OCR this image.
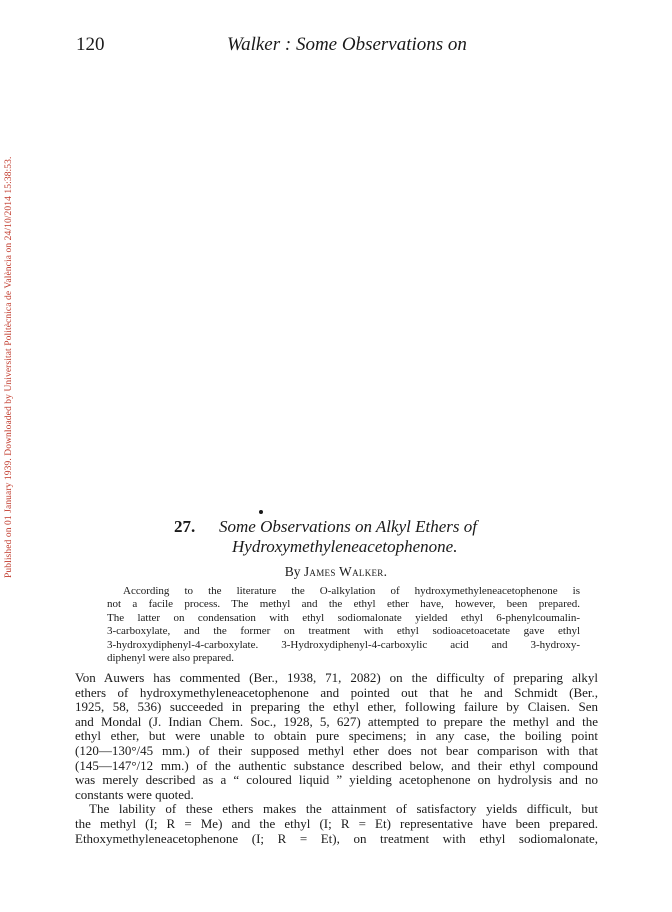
Published on 01 January 1939. Downloaded by Universitat Politècnica de València on 24/10/2014 15:38:53.
120	Walker : Some Observations on
27. Some Observations on Alkyl Ethers of
Hydroxymethyleneacetophenone.
By James Walker.
According to the literature the O-alkylation of hydroxymethyleneacetophenone is
not a facile process. The methyl and the ethyl ether have, however, been prepared.
The latter on condensation with ethyl sodiomalonate yielded ethyl 6-phenylcoumalin-
3-carboxylate, and the former on treatment with ethyl sodioacetoacetate gave ethyl
3-hydroxydiphenyl-4-carboxylate. 3-Hydroxydiphenyl-4-carboxylic acid and 3-hydroxy-
diphenyl were also prepared.
Von Auwers has commented (Ber., 1938, 71, 2082) on the difficulty of preparing alkyl
ethers of hydroxymethyleneacetophenone and pointed out that he and Schmidt (Ber.,
1925, 58, 536) succeeded in preparing the ethyl ether, following failure by Claisen. Sen
and Mondal (J. Indian Chem. Soc., 1928, 5, 627) attempted to prepare the methyl and the
ethyl ether, but were unable to obtain pure specimens; in any case, the boiling point
(120—130°/45 mm.) of their supposed methyl ether does not bear comparison with that
(145—147°/12 mm.) of the authentic substance described below, and their ethyl compound
was merely described as a “ coloured liquid ” yielding acetophenone on hydrolysis and no
constants were quoted.
The lability of these ethers makes the attainment of satisfactory yields difficult, but
the methyl (I; R = Me) and the ethyl (I; R = Et) representative have been prepared.
Ethoxymethyleneacetophenone (I; R = Et), on treatment with ethyl sodiomalonate,
